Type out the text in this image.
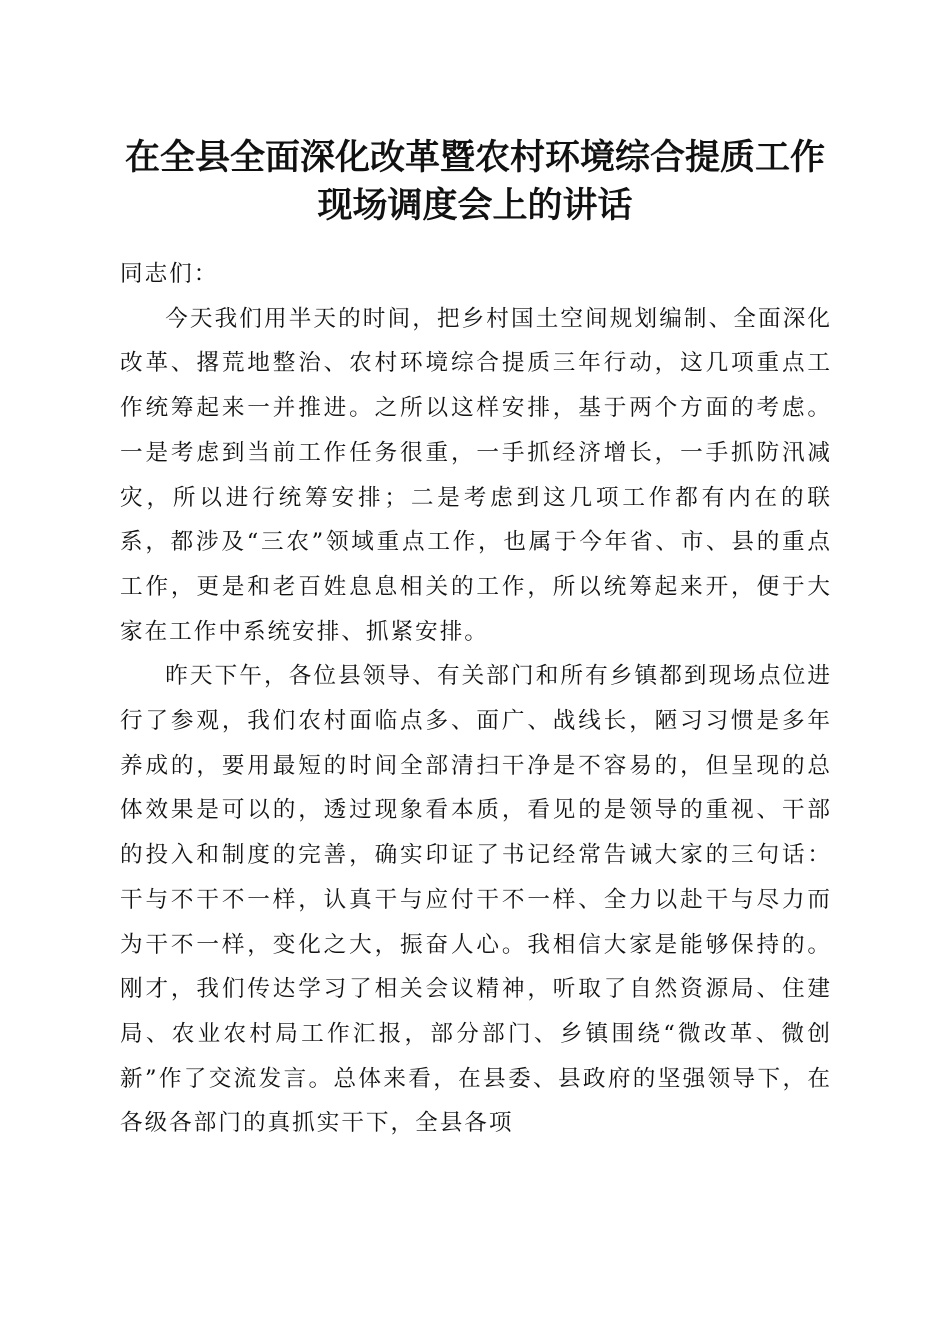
在全县全面深化改革暨农村环境综合提质工作
现场调度会上的讲话

同志们：

今天我们用半天的时间，把乡村国土空间规划编制、全面深化改革、撂荒地整治、农村环境综合提质三年行动，这几项重点工作统筹起来一并推进。之所以这样安排，基于两个方面的考虑。一是考虑到当前工作任务很重，一手抓经济增长，一手抓防汛减灾，所以进行统筹安排；二是考虑到这几项工作都有内在的联系，都涉及“三农”领域重点工作，也属于今年省、市、县的重点工作，更是和老百姓息息相关的工作，所以统筹起来开，便于大家在工作中系统安排、抓紧安排。

昨天下午，各位县领导、有关部门和所有乡镇都到现场点位进行了参观，我们农村面临点多、面广、战线长，陋习习惯是多年养成的，要用最短的时间全部清扫干净是不容易的，但呈现的总体效果是可以的，透过现象看本质，看见的是领导的重视、干部的投入和制度的完善，确实印证了书记经常告诫大家的三句话：干与不干不一样，认真干与应付干不一样、全力以赴干与尽力而为干不一样，变化之大，振奋人心。我相信大家是能够保持的。刚才，我们传达学习了相关会议精神，听取了自然资源局、住建局、农业农村局工作汇报，部分部门、乡镇围绕“微改革、微创新”作了交流发言。总体来看，在县委、县政府的坚强领导下，在各级各部门的真抓实干下，全县各项
